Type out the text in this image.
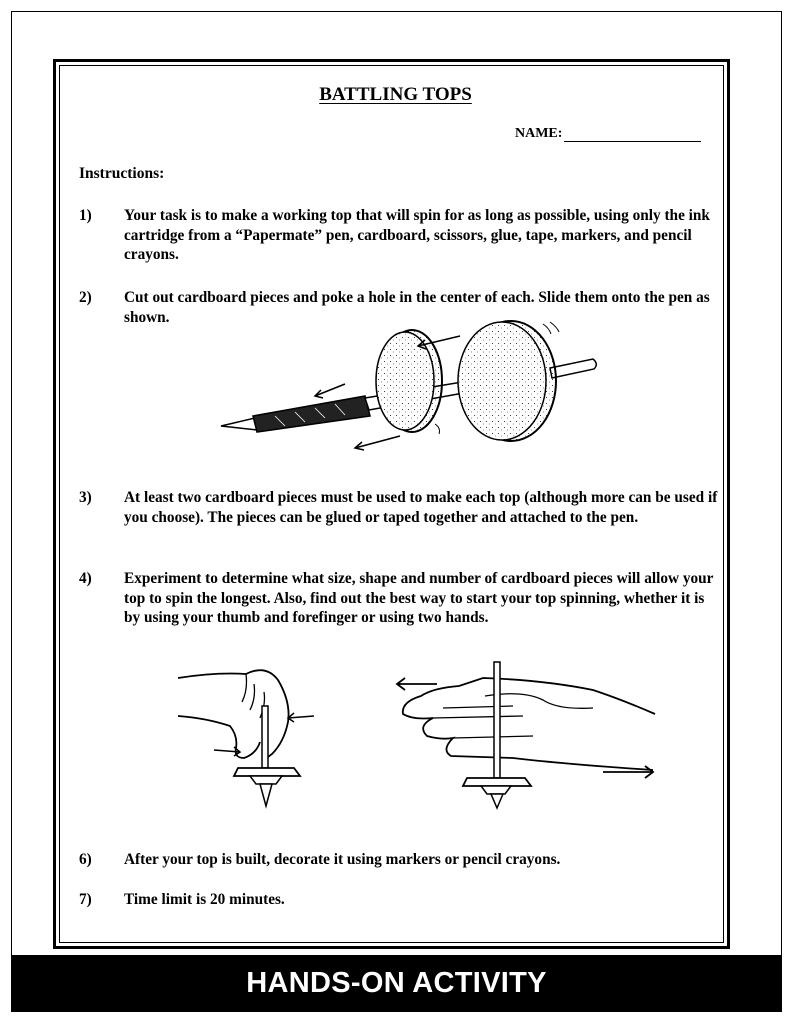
BATTLING TOPS
NAME:
Instructions:
1)	Your task is to make a working top that will spin for as long as possible, using only the ink cartridge from a “Papermate” pen, cardboard, scissors, glue, tape, markers, and pencil crayons.
2)	Cut out cardboard pieces and poke a hole in the center of each. Slide them onto the pen as shown.
3)	At least two cardboard pieces must be used to make each top (although more can be used if you choose). The pieces can be glued or taped together and attached to the pen.
4)	Experiment to determine what size, shape and number of cardboard pieces will allow your top to spin the longest. Also, find out the best way to start your top spinning, whether it is by using your thumb and forefinger or using two hands.
6)	After your top is built, decorate it using markers or pencil crayons.
7)	Time limit is 20 minutes.
HANDS-ON ACTIVITY
